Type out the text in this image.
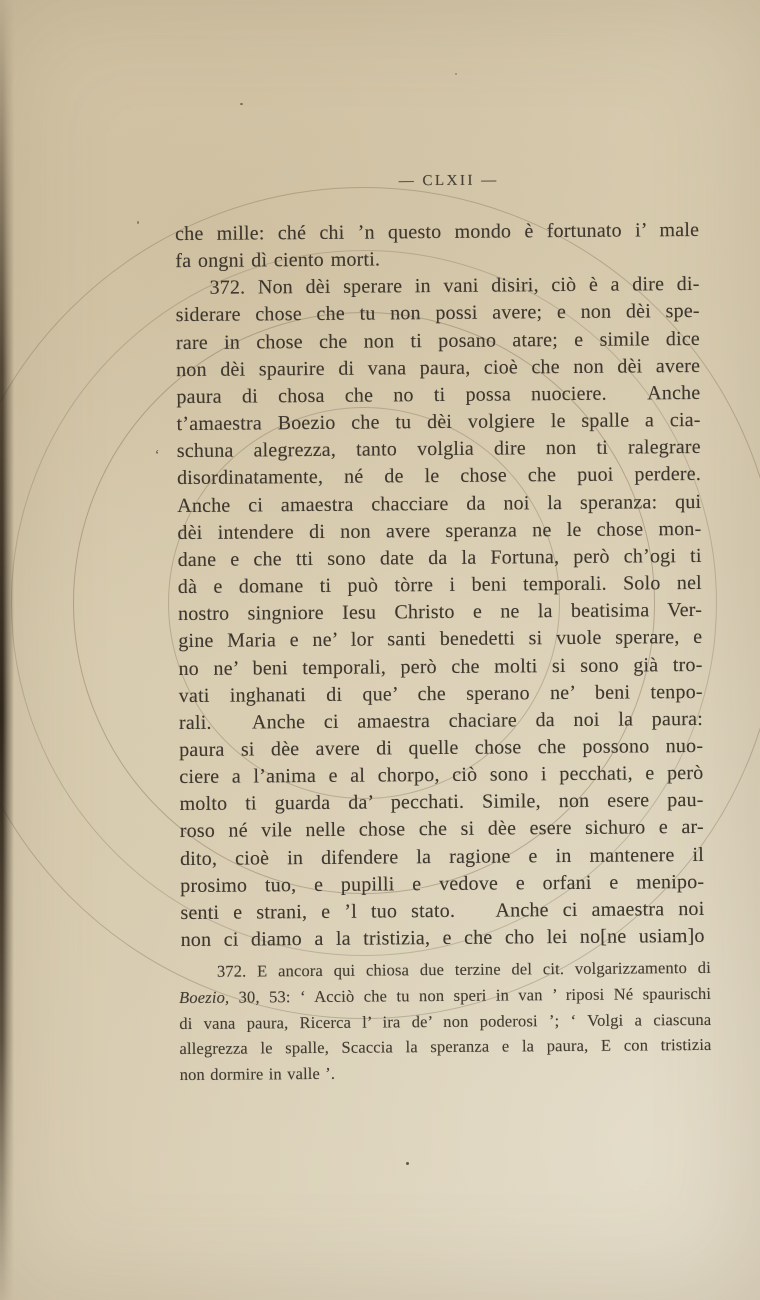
— CLXII —
‘
che mille: ché chi ’n questo mondo è fortunato i’ male
fa ongni dì ciento morti.
372. Non dèi sperare in vani disiri, ciò è a dire di-
siderare chose che tu non possi avere; e non dèi spe-
rare in chose che non ti posano atare; e simile dice
non dèi spaurire di vana paura, cioè che non dèi avere
paura di chosa che no ti possa nuociere.  Anche
t’amaestra Boezio che tu dèi volgiere le spalle a cia-
schuna alegrezza, tanto volglia dire non ti ralegrare
disordinatamente, né de le chose che puoi perdere.
Anche ci amaestra chacciare da noi la speranza: qui
dèi intendere di non avere speranza ne le chose mon-
dane e che tti sono date da la Fortuna, però ch’ogi ti
dà e domane ti può tòrre i beni temporali. Solo nel
nostro singniore Iesu Christo e ne la beatisima Ver-
gine Maria e ne’ lor santi benedetti si vuole sperare, e
no ne’ beni temporali, però che molti si sono già tro-
vati inghanati di que’ che sperano ne’ beni tenpo-
rali.  Anche ci amaestra chaciare da noi la paura:
paura si dèe avere di quelle chose che possono nuo-
ciere a l’anima e al chorpo, ciò sono i pecchati, e però
molto ti guarda da’ pecchati. Simile, non esere pau-
roso né vile nelle chose che si dèe esere sichuro e ar-
dito, cioè in difendere la ragione e in mantenere il
prosimo tuo, e pupilli e vedove e orfani e menipo-
senti e strani, e ’l tuo stato.  Anche ci amaestra noi
non ci diamo a la tristizia, e che cho lei no[ne usiam]o
372. E ancora qui chiosa due terzine del cit. volgarizzamento di
Boezio, 30, 53: ‘ Acciò che tu non speri in van ’ riposi Né spaurischi
di vana paura, Ricerca l’ ira de’ non poderosi ’; ‘ Volgi a ciascuna
allegrezza le spalle, Scaccia la speranza e la paura, E con tristizia
non dormire in valle ’.
